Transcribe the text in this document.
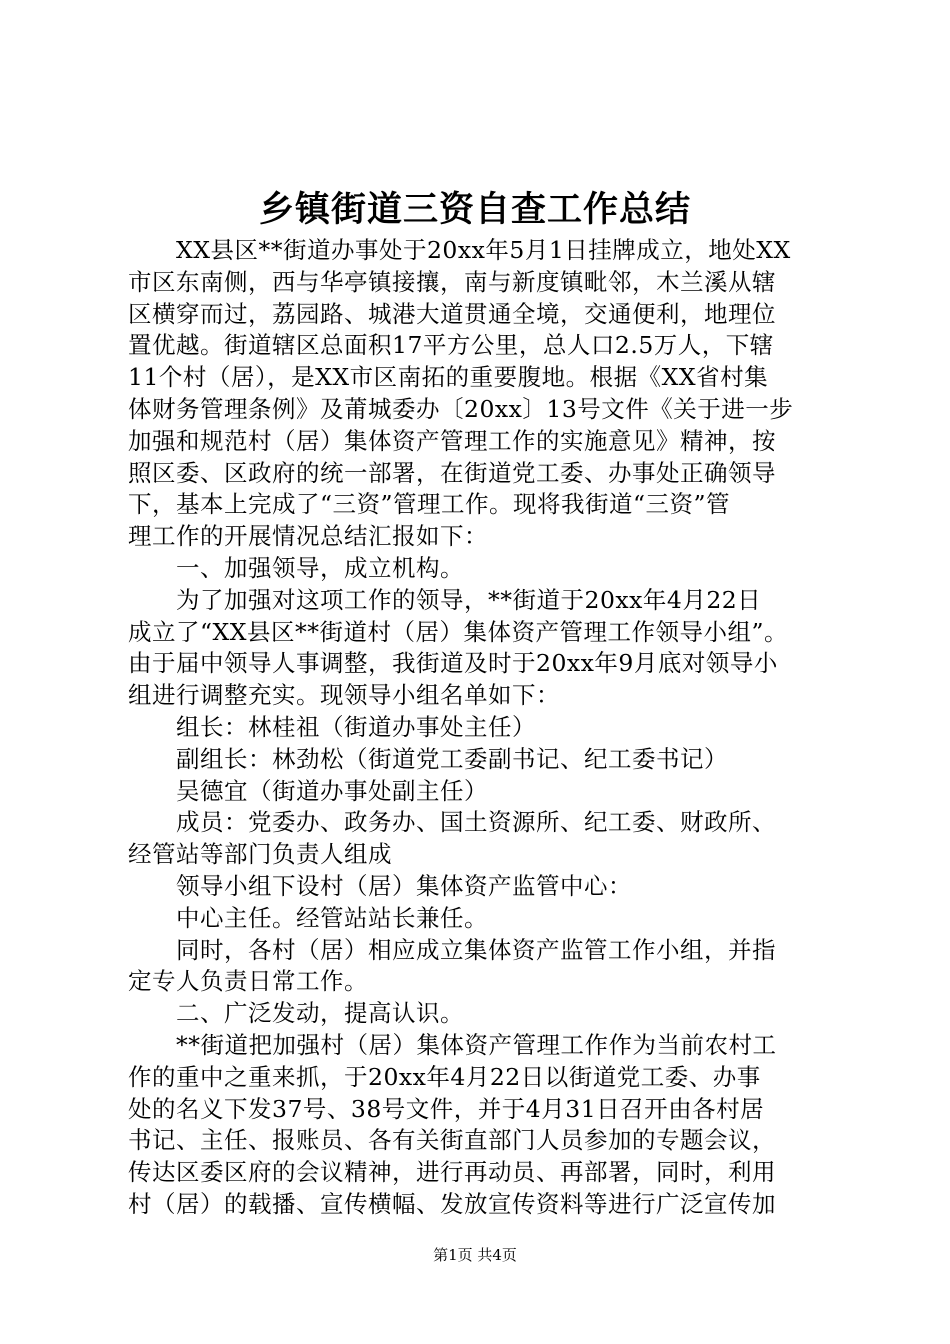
乡镇街道三资自查工作总结
　　XX县区**街道办事处于20xx年5月1日挂牌成立，地处XX
市区东南侧，西与华亭镇接攘，南与新度镇毗邻，木兰溪从辖
区横穿而过，荔园路、城港大道贯通全境，交通便利，地理位
置优越。街道辖区总面积17平方公里，总人口2.5万人，下辖
11个村（居），是XX市区南拓的重要腹地。根据《XX省村集
体财务管理条例》及莆城委办〔20xx〕13号文件《关于进一步
加强和规范村（居）集体资产管理工作的实施意见》精神，按
照区委、区政府的统一部署，在街道党工委、办事处正确领导
下，基本上完成了“三资”管理工作。现将我街道“三资”管
理工作的开展情况总结汇报如下：
　　一、加强领导，成立机构。
　　为了加强对这项工作的领导，**街道于20xx年4月22日
成立了“XX县区**街道村（居）集体资产管理工作领导小组”。
由于届中领导人事调整，我街道及时于20xx年9月底对领导小
组进行调整充实。现领导小组名单如下：
　　组长：林桂祖（街道办事处主任）
　　副组长：林劲松（街道党工委副书记、纪工委书记）
　　吴德宜（街道办事处副主任）
　　成员：党委办、政务办、国土资源所、纪工委、财政所、
经管站等部门负责人组成
　　领导小组下设村（居）集体资产监管中心：
　　中心主任。经管站站长兼任。
　　同时，各村（居）相应成立集体资产监管工作小组，并指
定专人负责日常工作。
　　二、广泛发动，提高认识。
　　**街道把加强村（居）集体资产管理工作作为当前农村工
作的重中之重来抓，于20xx年4月22日以街道党工委、办事
处的名义下发37号、38号文件，并于4月31日召开由各村居
书记、主任、报账员、各有关街直部门人员参加的专题会议，
传达区委区府的会议精神，进行再动员、再部署，同时，利用
村（居）的载播、宣传横幅、发放宣传资料等进行广泛宣传加
第1页 共4页
